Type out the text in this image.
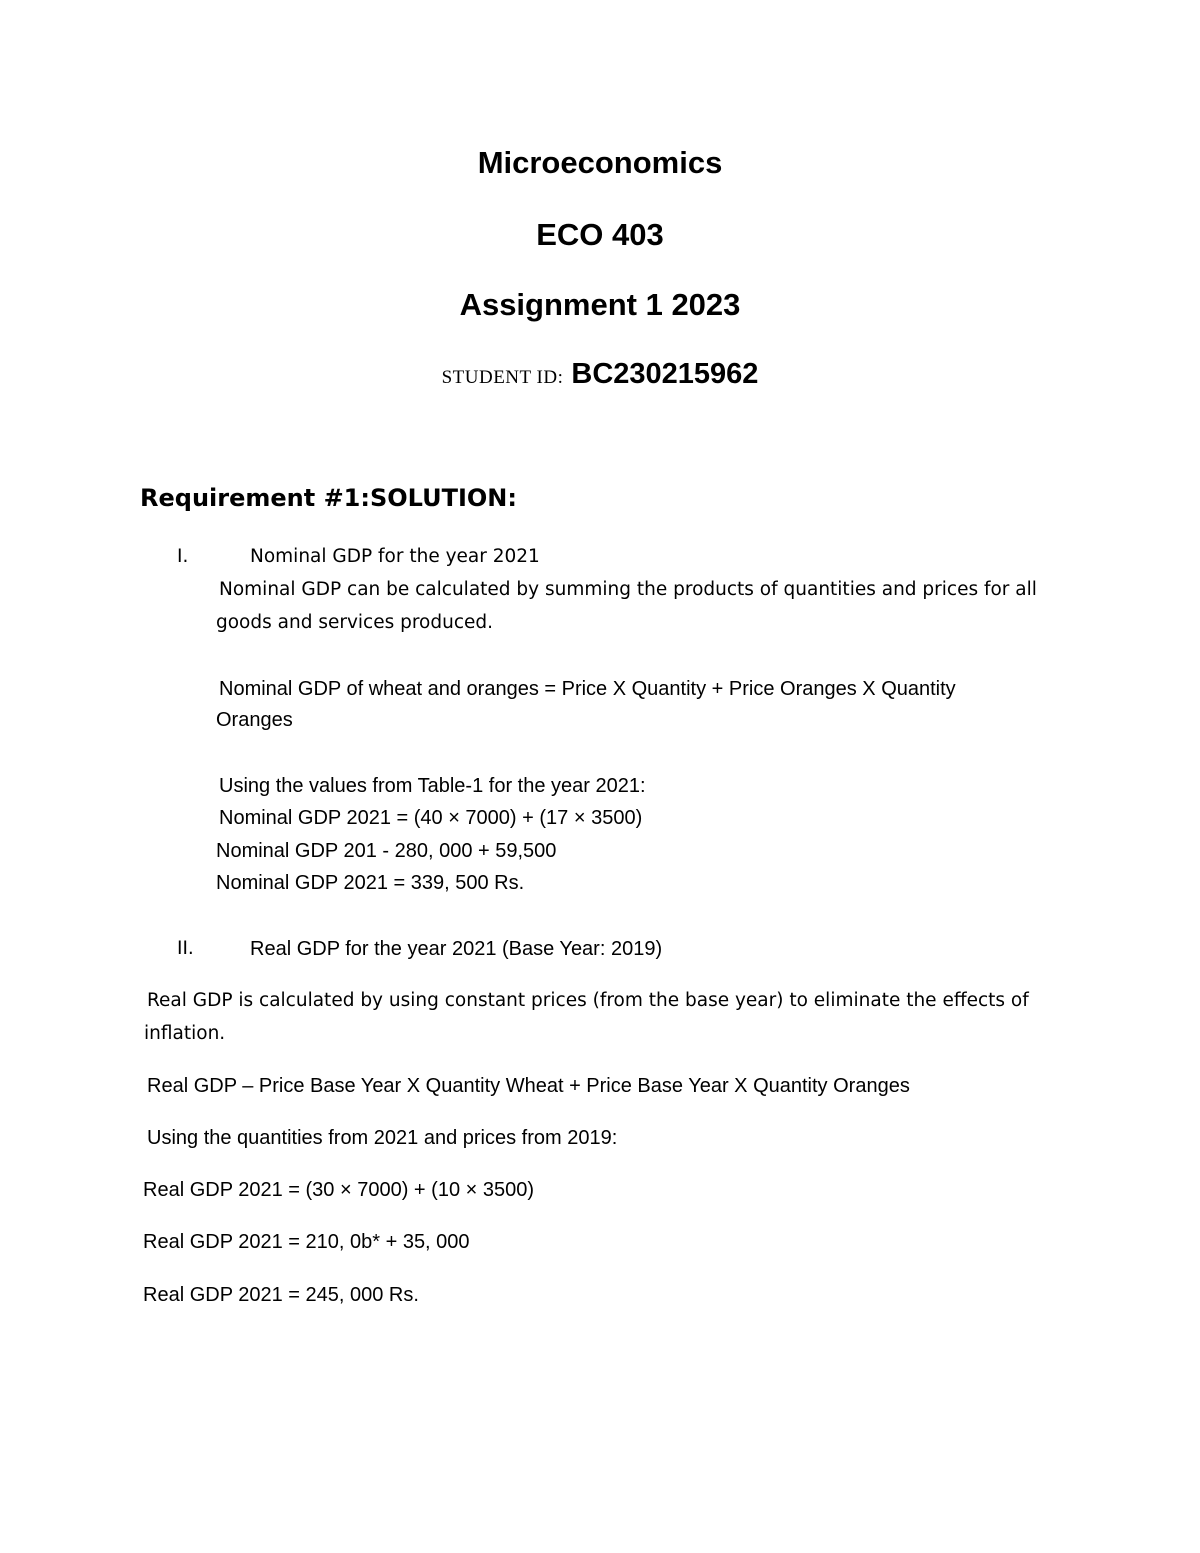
Microeconomics
ECO 403
Assignment 1 2023
STUDENT ID: BC230215962
Requirement #1:SOLUTION:
I.	Nominal GDP for the year 2021
Nominal GDP can be calculated by summing the products of quantities and prices for all
goods and services produced.
Nominal GDP of wheat and oranges = Price X Quantity + Price Oranges X Quantity
Oranges
Using the values from Table-1 for the year 2021:
Nominal GDP 2021 = (40 × 7000) + (17 × 3500)
Nominal GDP 201 - 280, 000 + 59,500
Nominal GDP 2021 = 339, 500 Rs.
II.	Real GDP for the year 2021 (Base Year: 2019)
Real GDP is calculated by using constant prices (from the base year) to eliminate the effects of
inflation.
Real GDP – Price Base Year X Quantity Wheat + Price Base Year X Quantity Oranges
Using the quantities from 2021 and prices from 2019:
Real GDP 2021 = (30 × 7000) + (10 × 3500)
Real GDP 2021 = 210, 0b* + 35, 000
Real GDP 2021 = 245, 000 Rs.
